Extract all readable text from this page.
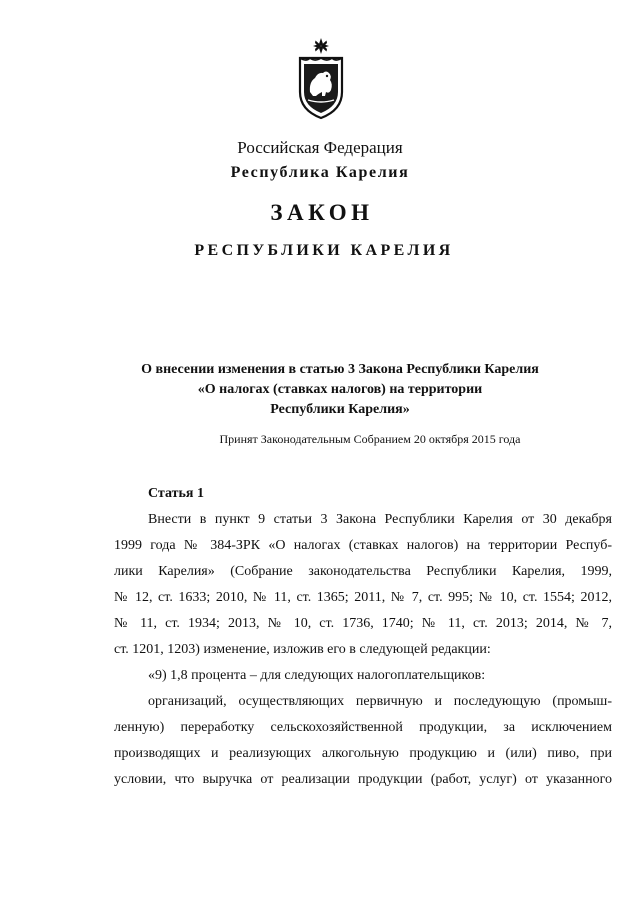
Российская Федерация
Республика Карелия
ЗАКОН
РЕСПУБЛИКИ КАРЕЛИЯ
О внесении изменения в статью 3 Закона Республики Карелия
«О налогах (ставках налогов) на территории
Республики Карелия»
Принят Законодательным Собранием 20 октября 2015 года
Статья 1
Внести в пункт 9 статьи 3 Закона Республики Карелия от 30 декабря
1999 года № 384-ЗРК «О налогах (ставках налогов) на территории Респуб-
лики Карелия» (Собрание законодательства Республики Карелия, 1999,
№ 12, ст. 1633; 2010, № 11, ст. 1365; 2011, № 7, ст. 995; № 10, ст. 1554; 2012,
№ 11, ст. 1934; 2013, № 10, ст. 1736, 1740; № 11, ст. 2013; 2014, № 7,
ст. 1201, 1203) изменение, изложив его в следующей редакции:
«9) 1,8 процента – для следующих налогоплательщиков:
организаций, осуществляющих первичную и последующую (промыш-
ленную) переработку сельскохозяйственной продукции, за исключением
производящих и реализующих алкогольную продукцию и (или) пиво, при
условии, что выручка от реализации продукции (работ, услуг) от указанного
